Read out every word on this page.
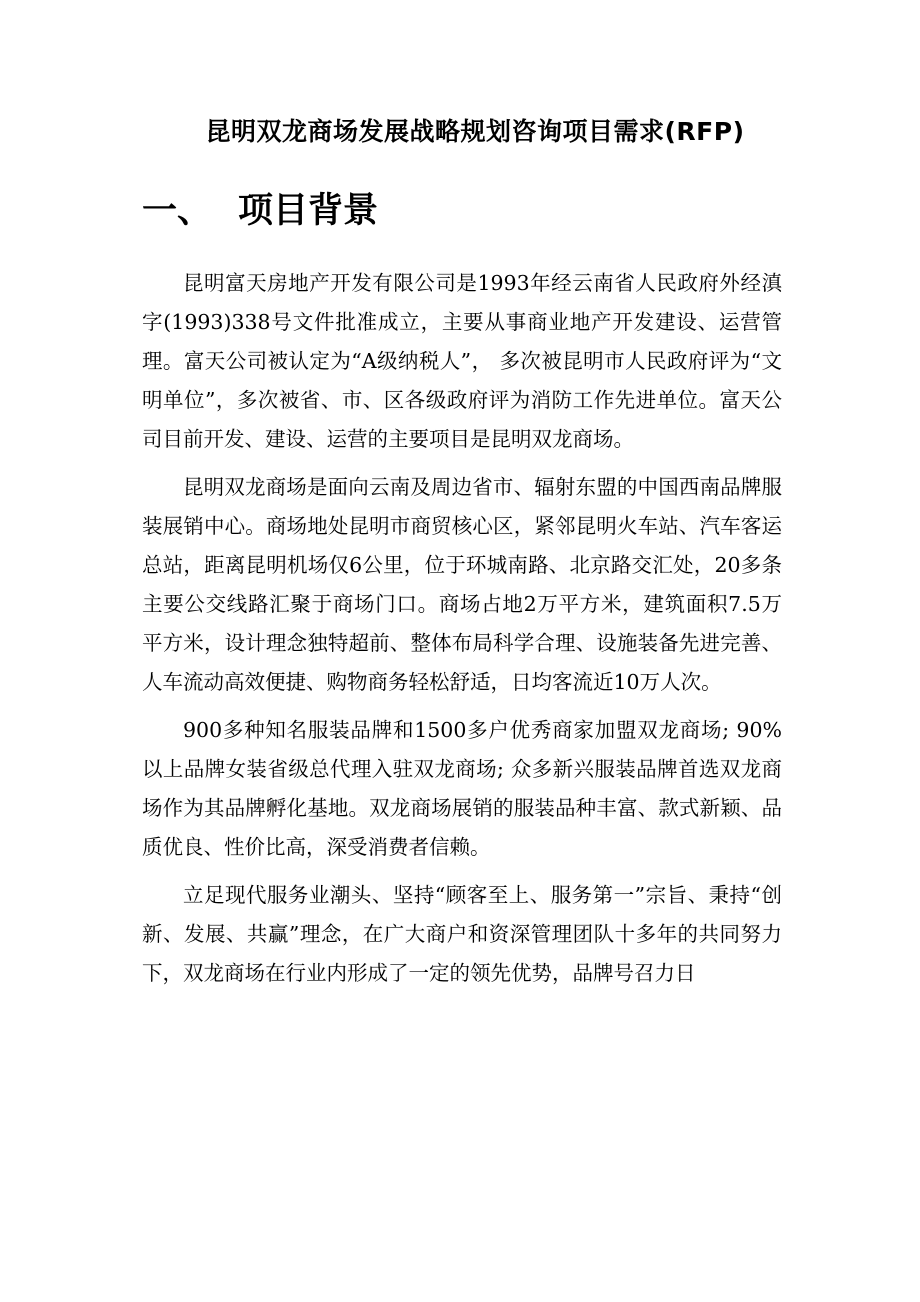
昆明双龙商场发展战略规划咨询项目需求(RFP)
一、 项目背景

昆明富天房地产开发有限公司是1993年经云南省人民政府外经滇字(1993)338号文件批准成立，主要从事商业地产开发建设、运营管理。富天公司被认定为“A级纳税人”， 多次被昆明市人民政府评为“文明单位”，多次被省、市、区各级政府评为消防工作先进单位。富天公司目前开发、建设、运营的主要项目是昆明双龙商场。

昆明双龙商场是面向云南及周边省市、辐射东盟的中国西南品牌服装展销中心。商场地处昆明市商贸核心区，紧邻昆明火车站、汽车客运总站，距离昆明机场仅6公里，位于环城南路、北京路交汇处，20多条主要公交线路汇聚于商场门口。商场占地2万平方米，建筑面积7.5万平方米，设计理念独特超前、整体布局科学合理、设施装备先进完善、人车流动高效便捷、购物商务轻松舒适，日均客流近10万人次。

900多种知名服装品牌和1500多户优秀商家加盟双龙商场; 90%以上品牌女装省级总代理入驻双龙商场; 众多新兴服装品牌首选双龙商场作为其品牌孵化基地。双龙商场展销的服装品种丰富、款式新颖、品质优良、性价比高，深受消费者信赖。

立足现代服务业潮头、坚持“顾客至上、服务第一”宗旨、秉持“创新、发展、共赢”理念，在广大商户和资深管理团队十多年的共同努力下，双龙商场在行业内形成了一定的领先优势，品牌号召力日
